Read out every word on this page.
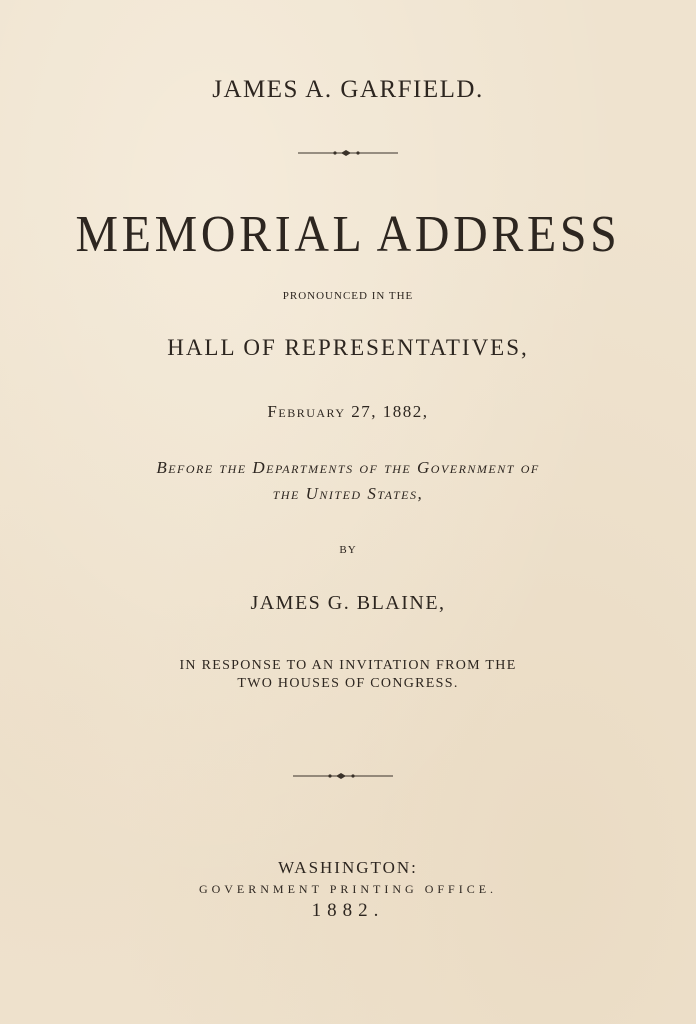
JAMES A. GARFIELD.

MEMORIAL ADDRESS

PRONOUNCED IN THE

HALL OF REPRESENTATIVES,

February 27, 1882,

Before the Departments of the Government of

the United States,

BY

JAMES G. BLAINE,

IN RESPONSE TO AN INVITATION FROM THE

TWO HOUSES OF CONGRESS.

WASHINGTON:

GOVERNMENT PRINTING OFFICE.

1882.
